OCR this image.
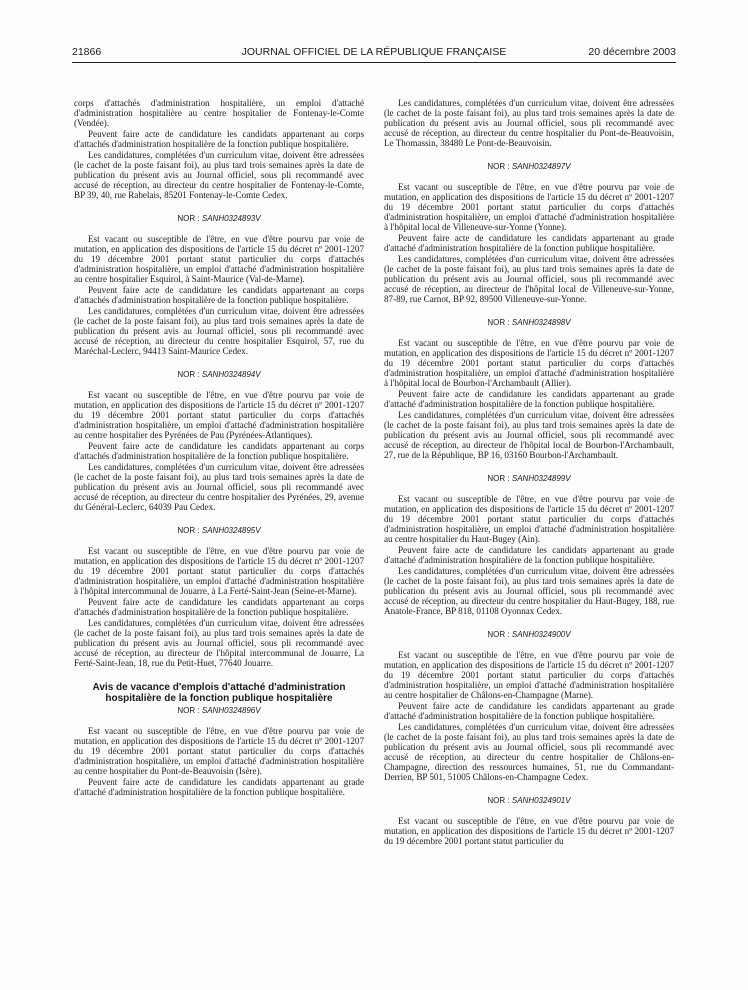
21866	JOURNAL OFFICIEL DE LA RÉPUBLIQUE FRANÇAISE	20 décembre 2003

corps d'attachés d'administration hospitalière, un emploi d'attaché d'administration hospitalière au centre hospitalier de Fontenay-le-Comte (Vendée).

Peuvent faire acte de candidature les candidats appartenant au corps d'attachés d'administration hospitalière de la fonction publique hospitalière.

Les candidatures, complétées d'un curriculum vitae, doivent être adressées (le cachet de la poste faisant foi), au plus tard trois semaines après la date de publication du présent avis au Journal officiel, sous pli recommandé avec accusé de réception, au directeur du centre hospitalier de Fontenay-le-Comte, BP 39, 40, rue Rabelais, 85201 Fontenay-le-Comte Cedex.

NOR : SANH0324893V

Est vacant ou susceptible de l'être, en vue d'être pourvu par voie de mutation, en application des dispositions de l'article 15 du décret nº 2001-1207 du 19 décembre 2001 portant statut particulier du corps d'attachés d'administration hospitalière, un emploi d'attaché d'administration hospitalière au centre hospitalier Esquirol, à Saint-Maurice (Val-de-Marne).

Peuvent faire acte de candidature les candidats appartenant au corps d'attachés d'administration hospitalière de la fonction publique hospitalière.

Les candidatures, complétées d'un curriculum vitae, doivent être adressées (le cachet de la poste faisant foi), au plus tard trois semaines après la date de publication du présent avis au Journal officiel, sous pli recommandé avec accusé de réception, au directeur du centre hospitalier Esquirol, 57, rue du Maréchal-Leclerc, 94413 Saint-Maurice Cedex.

NOR : SANH0324894V

Est vacant ou susceptible de l'être, en vue d'être pourvu par voie de mutation, en application des dispositions de l'article 15 du décret nº 2001-1207 du 19 décembre 2001 portant statut particulier du corps d'attachés d'administration hospitalière, un emploi d'attaché d'administration hospitalière au centre hospitalier des Pyrénées de Pau (Pyrénées-Atlantiques).

Peuvent faire acte de candidature les candidats appartenant au corps d'attachés d'administration hospitalière de la fonction publique hospitalière.

Les candidatures, complétées d'un curriculum vitae, doivent être adressées (le cachet de la poste faisant foi), au plus tard trois semaines après la date de publication du présent avis au Journal officiel, sous pli recommandé avec accusé de réception, au directeur du centre hospitalier des Pyrénées, 29, avenue du Général-Leclerc, 64039 Pau Cedex.

NOR : SANH0324895V

Est vacant ou susceptible de l'être, en vue d'être pourvu par voie de mutation, en application des dispositions de l'article 15 du décret nº 2001-1207 du 19 décembre 2001 portant statut particulier du corps d'attachés d'administration hospitalière, un emploi d'attaché d'administration hospitalière à l'hôpital intercommunal de Jouarre, à La Ferté-Saint-Jean (Seine-et-Marne).

Peuvent faire acte de candidature les candidats appartenant au corps d'attachés d'administration hospitalière de la fonction publique hospitalière.

Les candidatures, complétées d'un curriculum vitae, doivent être adressées (le cachet de la poste faisant foi), au plus tard trois semaines après la date de publication du présent avis au Journal officiel, sous pli recommandé avec accusé de réception, au directeur de l'hôpital intercommunal de Jouarre, La Ferté-Saint-Jean, 18, rue du Petit-Huet, 77640 Jouarre.

Avis de vacance d'emplois d'attaché d'administration hospitalière de la fonction publique hospitalière
NOR : SANH0324896V

Est vacant ou susceptible de l'être, en vue d'être pourvu par voie de mutation, en application des dispositions de l'article 15 du décret nº 2001-1207 du 19 décembre 2001 portant statut particulier du corps d'attachés d'administration hospitalière, un emploi d'attaché d'administration hospitalière au centre hospitalier du Pont-de-Beauvoisin (Isère).

Peuvent faire acte de candidature les candidats appartenant au grade d'attaché d'administration hospitalière de la fonction publique hospitalière.

Les candidatures, complétées d'un curriculum vitae, doivent être adressées (le cachet de la poste faisant foi), au plus tard trois semaines après la date de publication du présent avis au Journal officiel, sous pli recommandé avec accusé de réception, au directeur du centre hospitalier du Pont-de-Beauvoisin, Le Thomassin, 38480 Le Pont-de-Beauvoisin.

NOR : SANH0324897V

Est vacant ou susceptible de l'être, en vue d'être pourvu par voie de mutation, en application des dispositions de l'article 15 du décret nº 2001-1207 du 19 décembre 2001 portant statut particulier du corps d'attachés d'administration hospitalière, un emploi d'attaché d'administration hospitalière à l'hôpital local de Villeneuve-sur-Yonne (Yonne).

Peuvent faire acte de candidature les candidats appartenant au grade d'attaché d'administration hospitalière de la fonction publique hospitalière.

Les candidatures, complétées d'un curriculum vitae, doivent être adressées (le cachet de la poste faisant foi), au plus tard trois semaines après la date de publication du présent avis au Journal officiel, sous pli recommandé avec accusé de réception, au directeur de l'hôpital local de Villeneuve-sur-Yonne, 87-89, rue Carnot, BP 92, 89500 Villeneuve-sur-Yonne.

NOR : SANH0324898V

Est vacant ou susceptible de l'être, en vue d'être pourvu par voie de mutation, en application des dispositions de l'article 15 du décret nº 2001-1207 du 19 décembre 2001 portant statut particulier du corps d'attachés d'administration hospitalière, un emploi d'attaché d'administration hospitalière à l'hôpital local de Bourbon-l'Archambault (Allier).

Peuvent faire acte de candidature les candidats appartenant au grade d'attaché d'administration hospitalière de la fonction publique hospitalière.

Les candidatures, complétées d'un curriculum vitae, doivent être adressées (le cachet de la poste faisant foi), au plus tard trois semaines après la date de publication du présent avis au Journal officiel, sous pli recommandé avec accusé de réception, au directeur de l'hôpital local de Bourbon-l'Archambault, 27, rue de la République, BP 16, 03160 Bourbon-l'Archambault.

NOR : SANH0324899V

Est vacant ou susceptible de l'être, en vue d'être pourvu par voie de mutation, en application des dispositions de l'article 15 du décret nº 2001-1207 du 19 décembre 2001 portant statut particulier du corps d'attachés d'administration hospitalière, un emploi d'attaché d'administration hospitalière au centre hospitalier du Haut-Bugey (Ain).

Peuvent faire acte de candidature les candidats appartenant au grade d'attaché d'administration hospitalière de la fonction publique hospitalière.

Les candidatures, complétées d'un curriculum vitae, doivent être adressées (le cachet de la poste faisant foi), au plus tard trois semaines après la date de publication du présent avis au Journal officiel, sous pli recommandé avec accusé de réception, au directeur du centre hospitalier du Haut-Bugey, 188, rue Anatole-France, BP 818, 01108 Oyonnax Cedex.

NOR : SANH0324900V

Est vacant ou susceptible de l'être, en vue d'être pourvu par voie de mutation, en application des dispositions de l'article 15 du décret nº 2001-1207 du 19 décembre 2001 portant statut particulier du corps d'attachés d'administration hospitalière, un emploi d'attaché d'administration hospitalière au centre hospitalier de Châlons-en-Champagne (Marne).

Peuvent faire acte de candidature les candidats appartenant au grade d'attaché d'administration hospitalière de la fonction publique hospitalière.

Les candidatures, complétées d'un curriculum vitae, doivent être adressées (le cachet de la poste faisant foi), au plus tard trois semaines après la date de publication du présent avis au Journal officiel, sous pli recommandé avec accusé de réception, au directeur du centre hospitalier de Châlons-en-Champagne, direction des ressources humaines, 51, rue du Commandant-Derrien, BP 501, 51005 Châlons-en-Champagne Cedex.

NOR : SANH0324901V

Est vacant ou susceptible de l'être, en vue d'être pourvu par voie de mutation, en application des dispositions de l'article 15 du décret nº 2001-1207 du 19 décembre 2001 portant statut particulier du
